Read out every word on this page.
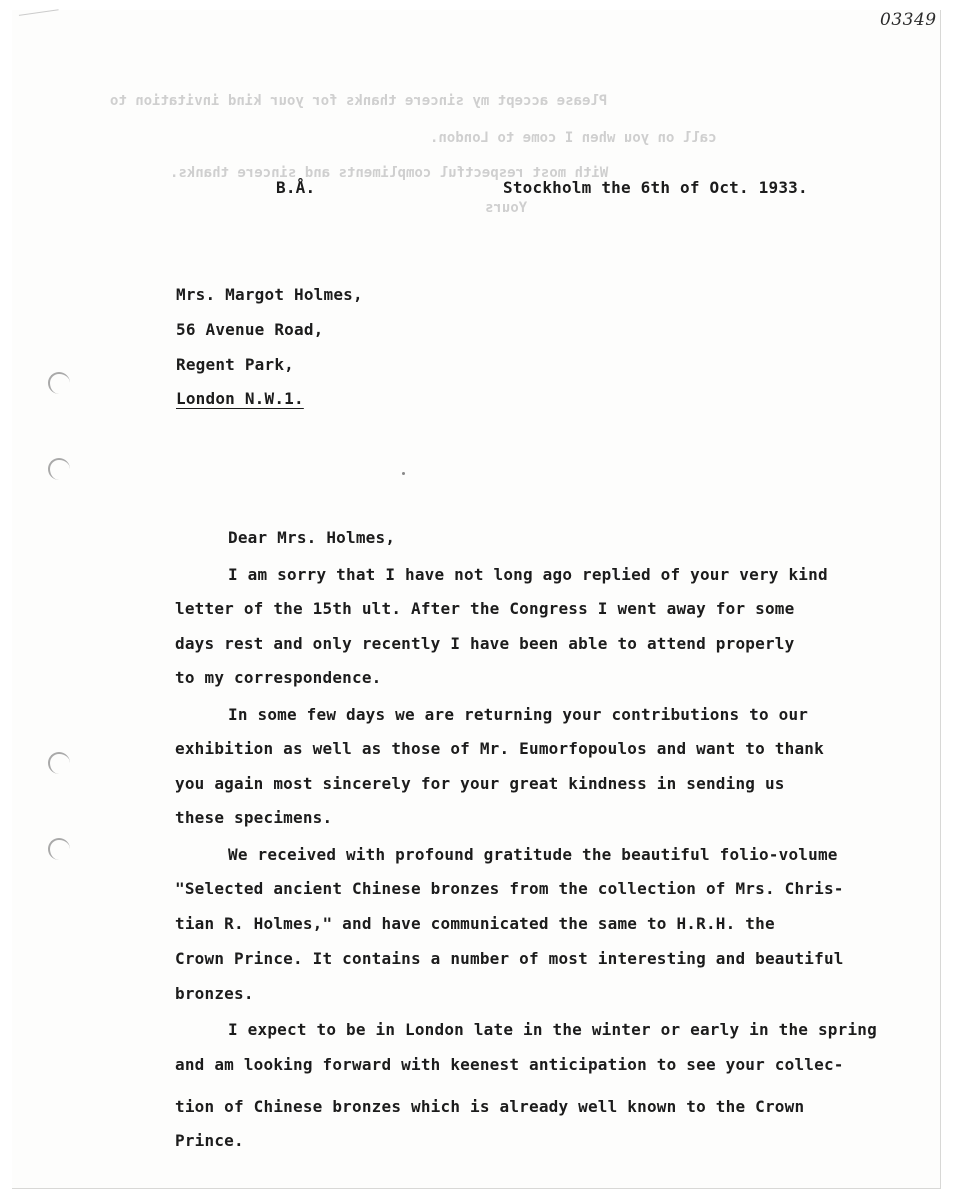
03349
Please accept my sincere thanks for your kind invitation to
call on you when I come to London.
With most respectful compliments and sincere thanks.
Yours
B.Å.	Stockholm the 6th of Oct. 1933.
Mrs. Margot Holmes,
56 Avenue Road,
Regent Park,
London N.W.1.
Dear Mrs. Holmes,
I am sorry that I have not long ago replied of your very kind
letter of the 15th ult. After the Congress I went away for some
days rest and only recently I have been able to attend properly
to my correspondence.
In some few days we are returning your contributions to our
exhibition as well as those of Mr. Eumorfopoulos and want to thank
you again most sincerely for your great kindness in sending us
these specimens.
We received with profound gratitude the beautiful folio-volume
"Selected ancient Chinese bronzes from the collection of Mrs. Chris-
tian R. Holmes," and have communicated the same to H.R.H. the
Crown Prince. It contains a number of most interesting and beautiful
bronzes.
I expect to be in London late in the winter or early in the spring
and am looking forward with keenest anticipation to see your collec-
tion of Chinese bronzes which is already well known to the Crown
Prince.
